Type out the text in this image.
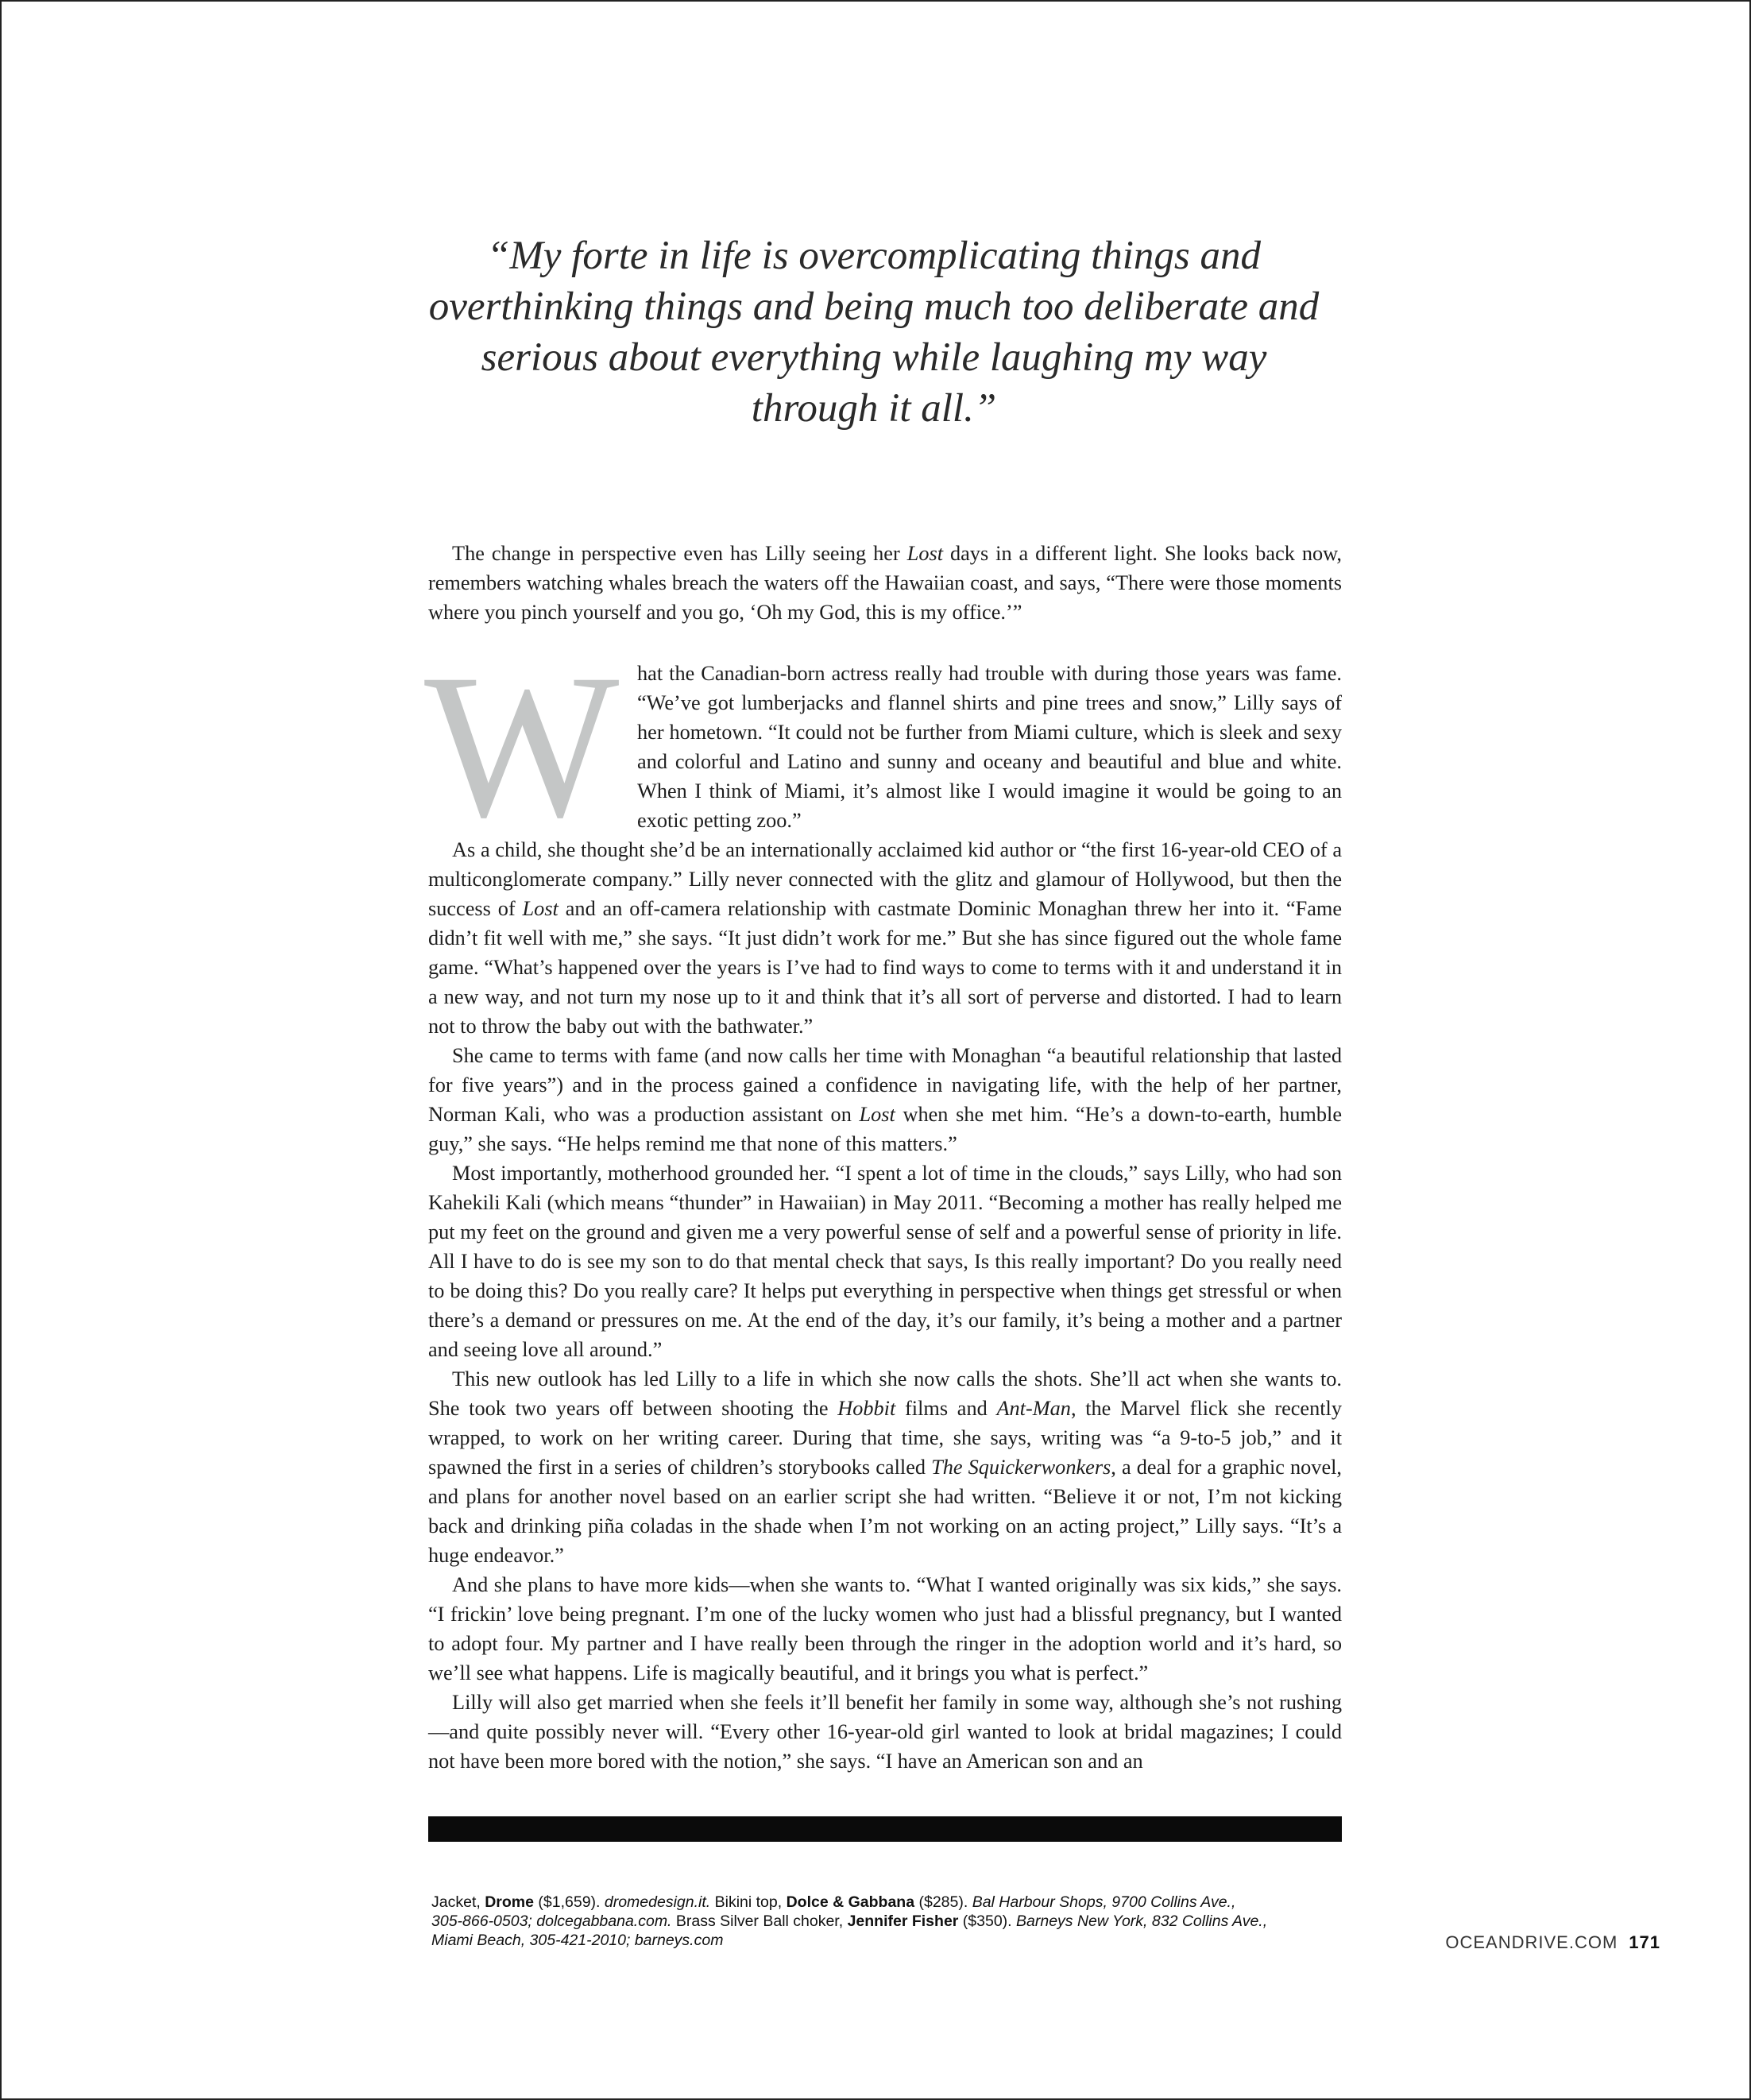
“My forte in life is overcomplicating things and
overthinking things and being much too deliberate and
serious about everything while laughing my way
through it all.”

The change in perspective even has Lilly seeing her Lost days in a different light. She looks back now, remembers watching whales breach the waters off the Hawaiian coast, and says, “There were those moments where you pinch yourself and you go, ‘Oh my God, this is my office.’”

What the Canadian-born actress really had trouble with during those years was fame. “We’ve got lumberjacks and flannel shirts and pine trees and snow,” Lilly says of her hometown. “It could not be further from Miami culture, which is sleek and sexy and colorful and Latino and sunny and oceany and beautiful and blue and white. When I think of Miami, it’s almost like I would imagine it would be going to an exotic petting zoo.”

As a child, she thought she’d be an internationally acclaimed kid author or “the first 16-year-old CEO of a multiconglomerate company.” Lilly never connected with the glitz and glamour of Hollywood, but then the success of Lost and an off-camera relationship with castmate Dominic Monaghan threw her into it. “Fame didn’t fit well with me,” she says. “It just didn’t work for me.” But she has since figured out the whole fame game. “What’s happened over the years is I’ve had to find ways to come to terms with it and understand it in a new way, and not turn my nose up to it and think that it’s all sort of perverse and distorted. I had to learn not to throw the baby out with the bathwater.”

She came to terms with fame (and now calls her time with Monaghan “a beautiful relationship that lasted for five years”) and in the process gained a confidence in navigating life, with the help of her partner, Norman Kali, who was a production assistant on Lost when she met him. “He’s a down-to-earth, humble guy,” she says. “He helps remind me that none of this matters.”

Most importantly, motherhood grounded her. “I spent a lot of time in the clouds,” says Lilly, who had son Kahekili Kali (which means “thunder” in Hawaiian) in May 2011. “Becoming a mother has really helped me put my feet on the ground and given me a very powerful sense of self and a powerful sense of priority in life. All I have to do is see my son to do that mental check that says, Is this really important? Do you really need to be doing this? Do you really care? It helps put everything in perspective when things get stressful or when there’s a demand or pressures on me. At the end of the day, it’s our family, it’s being a mother and a partner and seeing love all around.”

This new outlook has led Lilly to a life in which she now calls the shots. She’ll act when she wants to. She took two years off between shooting the Hobbit films and Ant-Man, the Marvel flick she recently wrapped, to work on her writing career. During that time, she says, writing was “a 9-to-5 job,” and it spawned the first in a series of children’s storybooks called The Squickerwonkers, a deal for a graphic novel, and plans for another novel based on an earlier script she had written. “Believe it or not, I’m not kicking back and drinking piña coladas in the shade when I’m not working on an acting project,” Lilly says. “It’s a huge endeavor.”

And she plans to have more kids—when she wants to. “What I wanted originally was six kids,” she says. “I frickin’ love being pregnant. I’m one of the lucky women who just had a blissful pregnancy, but I wanted to adopt four. My partner and I have really been through the ringer in the adoption world and it’s hard, so we’ll see what happens. Life is magically beautiful, and it brings you what is perfect.”

Lilly will also get married when she feels it’ll benefit her family in some way, although she’s not rushing—and quite possibly never will. “Every other 16-year-old girl wanted to look at bridal magazines; I could not have been more bored with the notion,” she says. “I have an American son and an

Jacket, Drome ($1,659). dromedesign.it. Bikini top, Dolce & Gabbana ($285). Bal Harbour Shops, 9700 Collins Ave.,
305-866-0503; dolcegabbana.com. Brass Silver Ball choker, Jennifer Fisher ($350). Barneys New York, 832 Collins Ave.,
Miami Beach, 305-421-2010; barneys.com	OCEANDRIVE.COM 171
